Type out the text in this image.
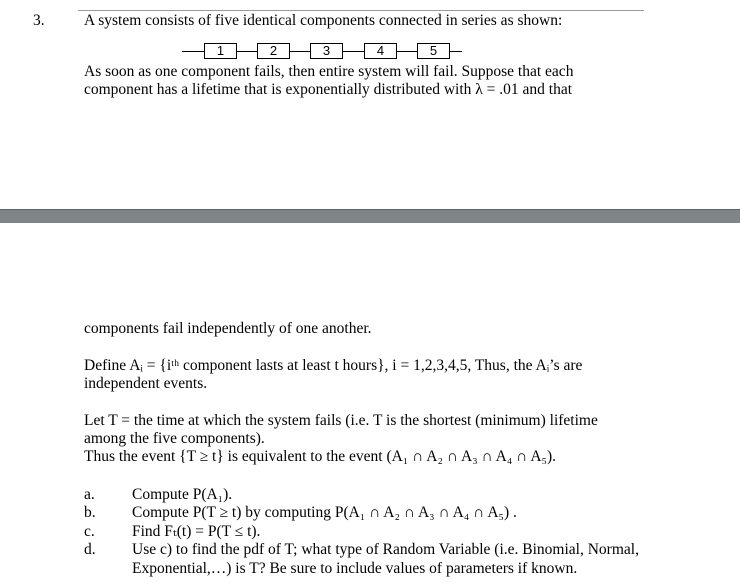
3.	A system consists of five identical components connected in series as shown:
1	2	3	4	5
As soon as one component fails, then entire system will fail. Suppose that each
component has a lifetime that is exponentially distributed with λ = .01 and that
components fail independently of one another.
Define Aᵢ = {iᵗʰ component lasts at least t hours}, i = 1,2,3,4,5, Thus, the Aᵢ’s are
independent events.
Let T = the time at which the system fails (i.e. T is the shortest (minimum) lifetime
among the five components).
Thus the event {T ≥ t} is equivalent to the event (A₁ ∩ A₂ ∩ A₃ ∩ A₄ ∩ A₅).
a. Compute P(A₁).
b. Compute P(T ≥ t) by computing P(A₁ ∩ A₂ ∩ A₃ ∩ A₄ ∩ A₅) .
c. Find Fₜ(t) = P(T ≤ t).
d. Use c) to find the pdf of T; what type of Random Variable (i.e. Binomial, Normal,
Exponential,…) is T? Be sure to include values of parameters if known.
